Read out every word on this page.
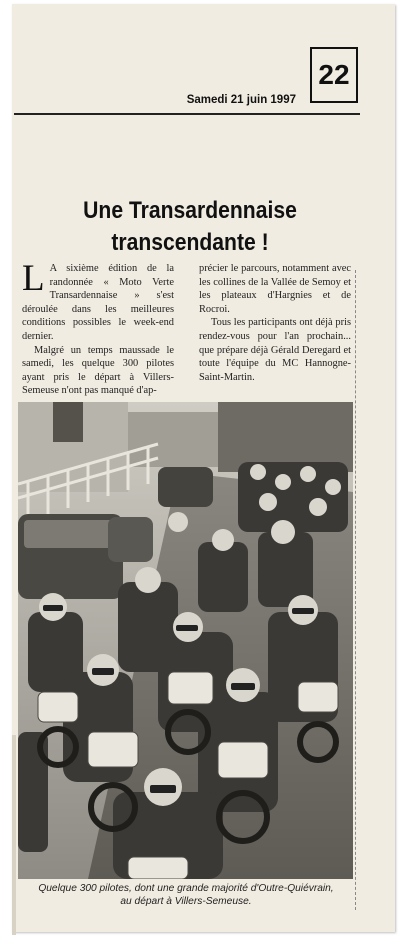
Samedi 21 juin 1997
22
Une Transardennaise
transcendante !

L A sixième édition de la randonnée « Moto Verte Transardennaise » s'est déroulée dans les meilleures conditions possibles le week-end dernier.

Malgré un temps maussade le samedi, les quelque 300 pilotes ayant pris le départ à Villers-Semeuse n'ont pas manqué d'ap-

précier le parcours, notamment avec les collines de la Vallée de Semoy et les plateaux d'Hargnies et de Rocroi.

Tous les participants ont déjà pris rendez-vous pour l'an prochain... que prépare déjà Gérald Deregard et toute l'équipe du MC Hannogne-Saint-Martin.

Quelque 300 pilotes, dont une grande majorité d'Outre-Quiévrain,
au départ à Villers-Semeuse.
